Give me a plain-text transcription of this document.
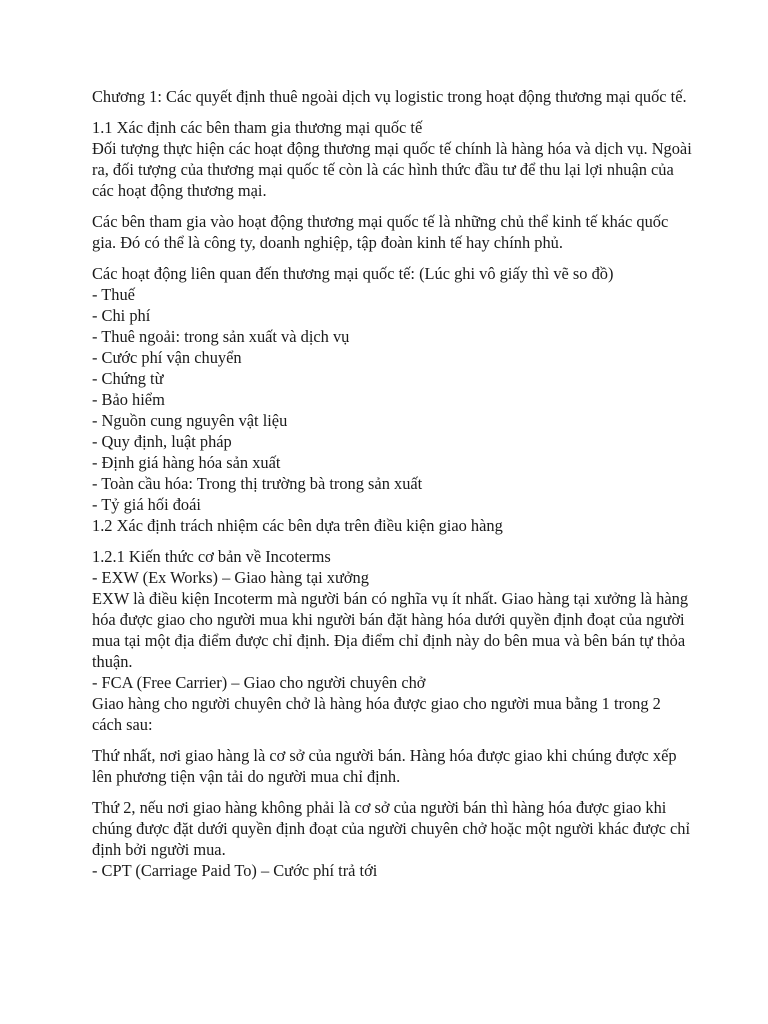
Chương 1: Các quyết định thuê ngoài dịch vụ logistic trong hoạt động thương mại quốc tế.

1.1 Xác định các bên tham gia thương mại quốc tế

Đối tượng thực hiện các hoạt động thương mại quốc tế chính là hàng hóa và dịch vụ. Ngoài ra, đối tượng của thương mại quốc tế còn là các hình thức đầu tư để thu lại lợi nhuận của các hoạt động thương mại.

Các bên tham gia vào hoạt động thương mại quốc tế là những chủ thể kinh tế khác quốc gia. Đó có thể là công ty, doanh nghiệp, tập đoàn kinh tế hay chính phủ.

Các hoạt động liên quan đến thương mại quốc tế: (Lúc ghi vô giấy thì vẽ so đồ)

- Thuế
- Chi phí
- Thuê ngoải: trong sản xuất và dịch vụ
- Cước phí vận chuyển
- Chứng từ
- Bảo hiểm
- Nguồn cung nguyên vật liệu
- Quy định, luật pháp
- Định giá hàng hóa sản xuất
- Toàn cầu hóa: Trong thị trường bà trong sản xuất
- Tỷ giá hối đoái

1.2 Xác định trách nhiệm các bên dựa trên điều kiện giao hàng

1.2.1 Kiến thức cơ bản về Incoterms

- EXW (Ex Works) – Giao hàng tại xưởng

EXW là điều kiện Incoterm mà người bán có nghĩa vụ ít nhất. Giao hàng tại xưởng là hàng hóa được giao cho người mua khi người bán đặt hàng hóa dưới quyền định đoạt của người mua tại một địa điểm được chỉ định. Địa điểm chỉ định này do bên mua và bên bán tự thỏa thuận.

- FCA (Free Carrier) – Giao cho người chuyên chở

Giao hàng cho người chuyên chở là hàng hóa được giao cho người mua bằng 1 trong 2 cách sau:

Thứ nhất, nơi giao hàng là cơ sở của người bán. Hàng hóa được giao khi chúng được xếp lên phương tiện vận tải do người mua chỉ định.

Thứ 2, nếu nơi giao hàng không phải là cơ sở của người bán thì hàng hóa được giao khi chúng được đặt dưới quyền định đoạt của người chuyên chở hoặc một người khác được chỉ định bởi người mua.

- CPT (Carriage Paid To) – Cước phí trả tới
